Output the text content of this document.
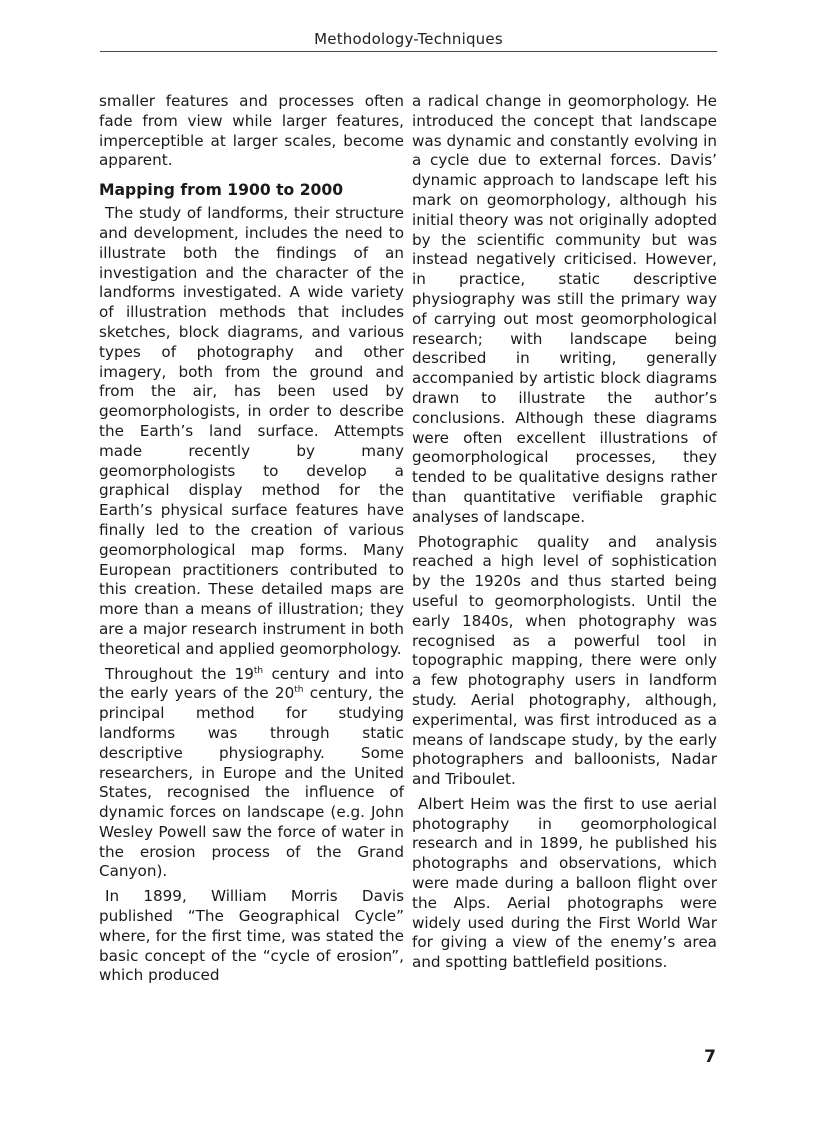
Methodology-Techniques

smaller features and processes often fade from view while larger features, imperceptible at larger scales, become apparent.

Mapping from 1900 to 2000

The study of landforms, their structure and development, includes the need to illustrate both the findings of an investigation and the character of the landforms investigated. A wide variety of illustration methods that includes sketches, block diagrams, and various types of photography and other imagery, both from the ground and from the air, has been used by geomorphologists, in order to describe the Earth’s land surface. Attempts made recently by many geomorphologists to develop a graphical display method for the Earth’s physical surface features have finally led to the creation of various geomorphological map forms. Many European practitioners contributed to this creation. These detailed maps are more than a means of illustration; they are a major research instrument in both theoretical and applied geomorphology.

Throughout the 19th century and into the early years of the 20th century, the principal method for studying landforms was through static descriptive physiography. Some researchers, in Europe and the United States, recognised the influence of dynamic forces on landscape (e.g. John Wesley Powell saw the force of water in the erosion process of the Grand Canyon).

In 1899, William Morris Davis published “The Geographical Cycle” where, for the first time, was stated the basic concept of the “cycle of erosion”, which produced

a radical change in geomorphology. He introduced the concept that landscape was dynamic and constantly evolving in a cycle due to external forces. Davis’ dynamic approach to landscape left his mark on geomorphology, although his initial theory was not originally adopted by the scientific community but was instead negatively criticised. However, in practice, static descriptive physiography was still the primary way of carrying out most geomorphological research; with landscape being described in writing, generally accompanied by artistic block diagrams drawn to illustrate the author’s conclusions. Although these diagrams were often excellent illustrations of geomorphological processes, they tended to be qualitative designs rather than quantitative verifiable graphic analyses of landscape.

Photographic quality and analysis reached a high level of sophistication by the 1920s and thus started being useful to geomorphologists. Until the early 1840s, when photography was recognised as a powerful tool in topographic mapping, there were only a few photography users in landform study. Aerial photography, although, experimental, was first introduced as a means of landscape study, by the early photographers and balloonists, Nadar and Triboulet.

Albert Heim was the first to use aerial photography in geomorphological research and in 1899, he published his photographs and observations, which were made during a balloon flight over the Alps. Aerial photographs were widely used during the First World War for giving a view of the enemy’s area and spotting battlefield positions.

7
